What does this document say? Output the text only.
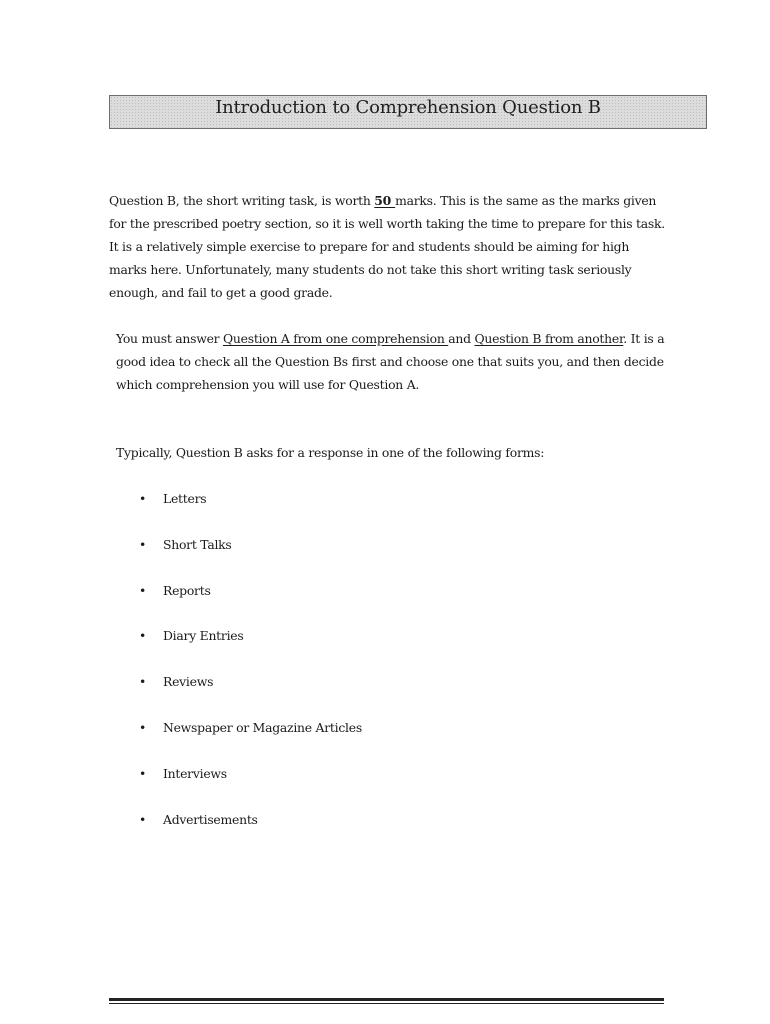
Introduction to Comprehension Question B

Question B, the short writing task, is worth 50 marks. This is the same as the marks given for the prescribed poetry section, so it is well worth taking the time to prepare for this task. It is a relatively simple exercise to prepare for and students should be aiming for high marks here. Unfortunately, many students do not take this short writing task seriously enough, and fail to get a good grade.

You must answer Question A from one comprehension and Question B from another. It is a good idea to check all the Question Bs first and choose one that suits you, and then decide which comprehension you will use for Question A.

Typically, Question B asks for a response in one of the following forms:

• Letters
• Short Talks
• Reports
• Diary Entries
• Reviews
• Newspaper or Magazine Articles
• Interviews
• Advertisements
